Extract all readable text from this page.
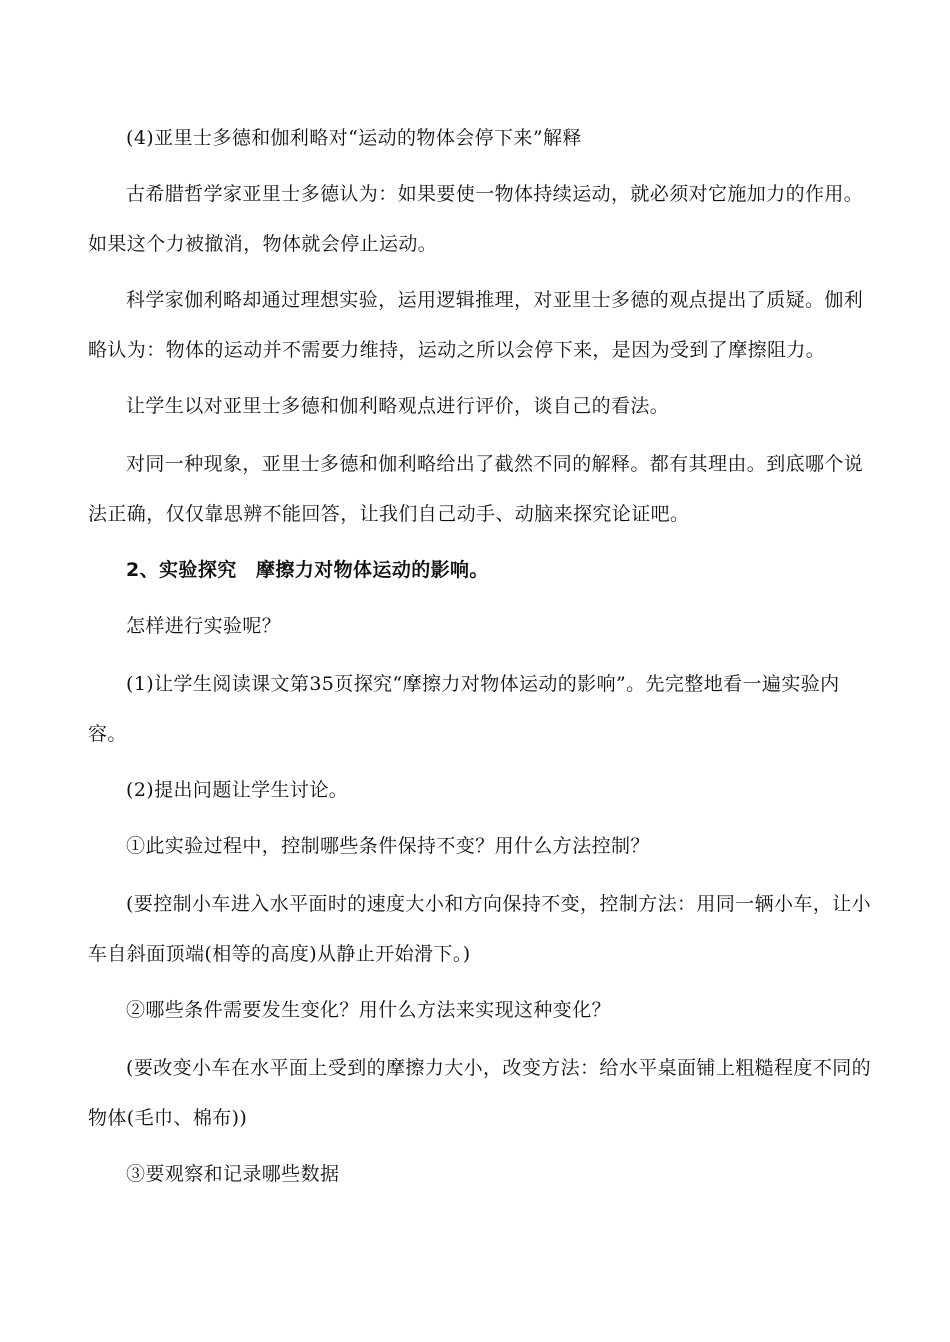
(4)亚里士多德和伽利略对“运动的物体会停下来”解释
古希腊哲学家亚里士多德认为：如果要使一物体持续运动，就必须对它施加力的作用。
如果这个力被撤消，物体就会停止运动。
科学家伽利略却通过理想实验，运用逻辑推理，对亚里士多德的观点提出了质疑。伽利
略认为：物体的运动并不需要力维持，运动之所以会停下来，是因为受到了摩擦阻力。
让学生以对亚里士多德和伽利略观点进行评价，谈自己的看法。
对同一种现象，亚里士多德和伽利略给出了截然不同的解释。都有其理由。到底哪个说
法正确，仅仅靠思辨不能回答，让我们自己动手、动脑来探究论证吧。
2、实验探究　摩擦力对物体运动的影响。
怎样进行实验呢？
(1)让学生阅读课文第35页探究“摩擦力对物体运动的影响”。先完整地看一遍实验内
容。
(2)提出问题让学生讨论。
①此实验过程中，控制哪些条件保持不变？用什么方法控制？
(要控制小车进入水平面时的速度大小和方向保持不变，控制方法：用同一辆小车，让小
车自斜面顶端(相等的高度)从静止开始滑下。)
②哪些条件需要发生变化？用什么方法来实现这种变化？
(要改变小车在水平面上受到的摩擦力大小，改变方法：给水平桌面铺上粗糙程度不同的
物体(毛巾、棉布))
③要观察和记录哪些数据
